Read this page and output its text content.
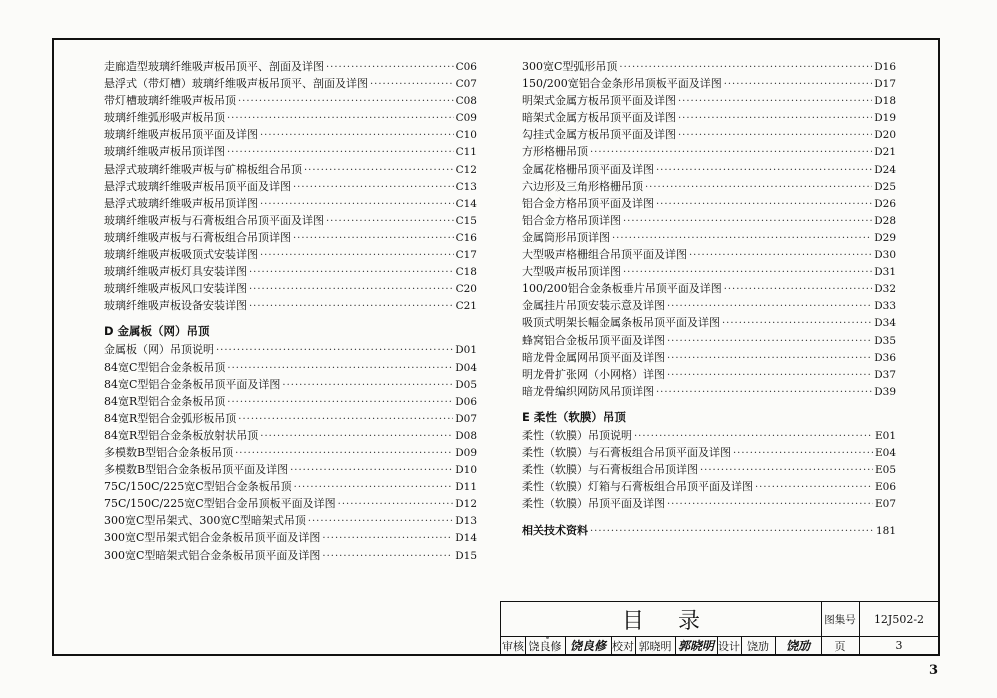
走廊造型玻璃纤维吸声板吊顶平、剖面及详图 ·····	C06
悬浮式（带灯槽）玻璃纤维吸声板吊顶平、剖面及详图 ·····	C07
带灯槽玻璃纤维吸声板吊顶 ·····	C08
玻璃纤维弧形吸声板吊顶 ·····	C09
玻璃纤维吸声板吊顶平面及详图 ·····	C10
玻璃纤维吸声板吊顶详图 ·····	C11
悬浮式玻璃纤维吸声板与矿棉板组合吊顶 ·····	C12
悬浮式玻璃纤维吸声板吊顶平面及详图 ·····	C13
悬浮式玻璃纤维吸声板吊顶详图 ·····	C14
玻璃纤维吸声板与石膏板组合吊顶平面及详图 ·····	C15
玻璃纤维吸声板与石膏板组合吊顶详图 ·····	C16
玻璃纤维吸声板吸顶式安装详图 ·····	C17
玻璃纤维吸声板灯具安装详图 ·····	C18
玻璃纤维吸声板风口安装详图 ·····	C20
玻璃纤维吸声板设备安装详图 ·····	C21
D 金属板（网）吊顶
金属板（网）吊顶说明 ·····	D01
84宽C型铝合金条板吊顶 ·····	D04
84宽C型铝合金条板吊顶平面及详图 ·····	D05
84宽R型铝合金条板吊顶 ·····	D06
84宽R型铝合金弧形板吊顶 ·····	D07
84宽R型铝合金条板放射状吊顶 ·····	D08
多模数B型铝合金条板吊顶 ·····	D09
多模数B型铝合金条板吊顶平面及详图 ·····	D10
75C/150C/225宽C型铝合金条板吊顶 ·····	D11
75C/150C/225宽C型铝合金吊顶板平面及详图 ·····	D12
300宽C型吊架式、300宽C型暗架式吊顶 ·····	D13
300宽C型吊架式铝合金条板吊顶平面及详图 ·····	D14
300宽C型暗架式铝合金条板吊顶平面及详图 ·····	D15
300宽C型弧形吊顶 ·····	D16
150/200宽铝合金条形吊顶板平面及详图 ·····	D17
明架式金属方板吊顶平面及详图 ·····	D18
暗架式金属方板吊顶平面及详图 ·····	D19
勾挂式金属方板吊顶平面及详图 ·····	D20
方形格栅吊顶 ·····	D21
金属花格栅吊顶平面及详图 ·····	D24
六边形及三角形格栅吊顶 ·····	D25
铝合金方格吊顶平面及详图 ·····	D26
铝合金方格吊顶详图 ·····	D28
金属筒形吊顶详图 ·····	D29
大型吸声格栅组合吊顶平面及详图 ·····	D30
大型吸声板吊顶详图 ·····	D31
100/200铝合金条板垂片吊顶平面及详图 ·····	D32
金属挂片吊顶安装示意及详图 ·····	D33
吸顶式明架长幅金属条板吊顶平面及详图 ·····	D34
蜂窝铝合金板吊顶平面及详图 ·····	D35
暗龙骨金属网吊顶平面及详图 ·····	D36
明龙骨扩张网（小网格）详图 ·····	D37
暗龙骨编织网防风吊顶详图 ·····	D39
E 柔性（软膜）吊顶
柔性（软膜）吊顶说明 ·····	E01
柔性（软膜）与石膏板组合吊顶平面及详图 ·····	E04
柔性（软膜）与石膏板组合吊顶详图 ·····	E05
柔性（软膜）灯箱与石膏板组合吊顶平面及详图 ·····	E06
柔性（软膜）吊顶平面及详图 ·····	E07
相关技术资料 ·····	181
目录	图集号	12J502-2
审核 饶良修 饶良修 校对 郭晓明 郭晓明 设计 饶劢	饶劢	页	3
3
